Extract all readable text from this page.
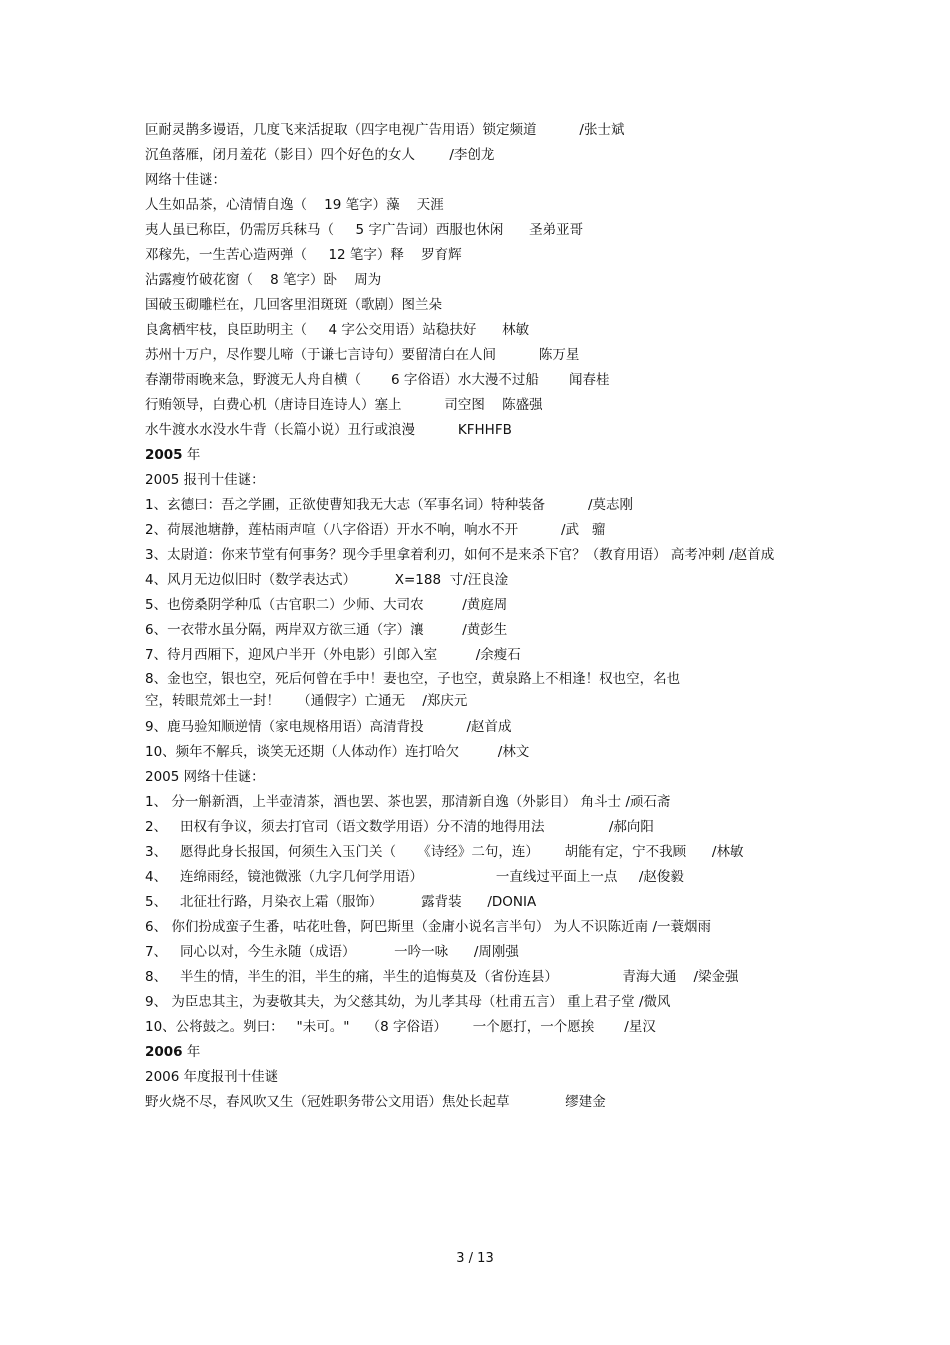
叵耐灵鹊多谩语，几度飞来活捉取（四字电视广告用语）锁定频道          /张士斌
沉鱼落雁，闭月羞花（影目）四个好色的女人        /李创龙
网络十佳谜：
人生如品茶，心清情自逸（    19 笔字）藻    天涯
夷人虽已称臣，仍需厉兵秣马（     5 字广告词）西服也休闲      圣弟亚哥
邓稼先，一生苦心造两弹（     12 笔字）释    罗育辉
沾露瘦竹破花窗（    8 笔字）卧    周为
国破玉砌雕栏在，几回客里泪斑斑（歌剧）图兰朵
良禽栖牢枝，良臣助明主（     4 字公交用语）站稳扶好      林敏
苏州十万户，尽作婴儿啼（于谦七言诗句）要留清白在人间          陈万星
春潮带雨晚来急，野渡无人舟自横（       6 字俗语）水大漫不过船       闻春桂
行贿领导，白费心机（唐诗目连诗人）塞上          司空图    陈盛强
水牛渡水水没水牛背（长篇小说）丑行或浪漫          KFHHFB
2005 年
2005 报刊十佳谜：
1、玄德曰：吾之学圃，正欲使曹知我无大志（军事名词）特种装备          /莫志刚
2、荷展池塘静，莲枯雨声喧（八字俗语）开水不响，响水不开          /武   骝
3、太尉道：你来节堂有何事务？现今手里拿着利刃，如何不是来杀下官？（教育用语） 高考冲刺 /赵首成
4、风月无边似旧时（数学表达式）         X=188  寸/汪良淦
5、也傍桑阴学种瓜（古官职二）少师、大司农         /黄庭周
6、一衣带水虽分隔，两岸双方欲三通（字）瀼         /黄彭生
7、待月西厢下，迎风户半开（外电影）引郎入室         /余瘦石
8、金也空，银也空，死后何曾在手中！妻也空，子也空，黄泉路上不相逢！权也空，名也
空，转眼荒郊土一封！    （通假字）亡通无    /郑庆元
9、鹿马验知顺逆情（家电规格用语）高清背投          /赵首成
10、频年不解兵，谈笑无还期（人体动作）连打哈欠         /林文
2005 网络十佳谜：
1、 分一斛新酒，上半壶清茶，酒也罢、茶也罢，那清新自逸（外影目） 角斗士 /顽石斋
2、   田权有争议，须去打官司（语文数学用语）分不清的地得用法               /郝向阳
3、   愿得此身长报国，何须生入玉门关（     《诗经》二句，连）      胡能有定，宁不我顾      /林敏
4、   连绵雨经，镜池微涨（九字几何学用语）                 一直线过平面上一点     /赵俊毅
5、   北征壮行路，月染衣上霜（服饰）         露背装      /DONIA
6、 你们扮成蛮子生番，咕花吐鲁，阿巴斯里（金庸小说名言半句） 为人不识陈近南 /一蓑烟雨
7、   同心以对，今生永随（成语）         一吟一咏      /周刚强
8、   半生的情，半生的泪，半生的痛，半生的追悔莫及（省份连县）               青海大通    /梁金强
9、 为臣忠其主，为妻敬其夫，为父慈其幼，为儿孝其母（杜甫五言） 重上君子堂 /微风
10、公将鼓之。刿曰：   "未可。"    （8 字俗语）      一个愿打，一个愿挨       /星汉
2006 年
2006 年度报刊十佳谜
野火烧不尽，春风吹又生（冠姓职务带公文用语）焦处长起草             缪建金
3 / 13
